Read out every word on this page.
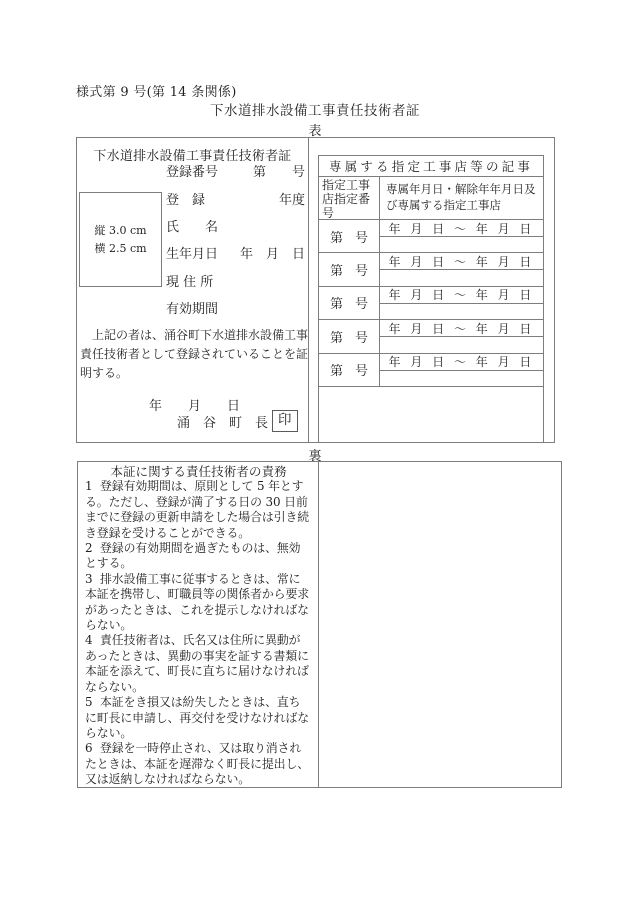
様式第 9 号(第 14 条関係)
下水道排水設備工事責任技術者証
表
下水道排水設備工事責任技術者証
縦 3.0 cm
横 2.5 cm
登録番号	第　　号
登　録	年度
氏　　名
生年月日 年　月　日
現 住 所
有効期間
上記の者は、涌谷町下水道排水設備工事責任技術者として登録されていることを証明する。
年　　月　　日
涌　谷　町　長 印
専属する指定工事店等の記事
指定工事店指定番号
専属年月日・解除年年月日及び専属する指定工事店
第 号
年 月 日 ～ 年 月 日
第 号
年 月 日 ～ 年 月 日
第 号
年 月 日 ～ 年 月 日
第 号
年 月 日 ～ 年 月 日
第 号
年 月 日 ～ 年 月 日
裏
本証に関する責任技術者の責務

1 登録有効期間は、原則として 5 年とする。ただし、登録が満了する日の 30 日前までに登録の更新申請をした場合は引き続き登録を受けることができる。

2 登録の有効期間を過ぎたものは、無効とする。

3 排水設備工事に従事するときは、常に本証を携帯し、町職員等の関係者から要求があったときは、これを提示しなければならない。

4 責任技術者は、氏名又は住所に異動があったときは、異動の事実を証する書類に本証を添えて、町長に直ちに届けなければならない。

5 本証をき損又は紛失したときは、直ちに町長に申請し、再交付を受けなければならない。

6 登録を一時停止され、又は取り消されたときは、本証を遅滞なく町長に提出し、又は返納しなければならない。
